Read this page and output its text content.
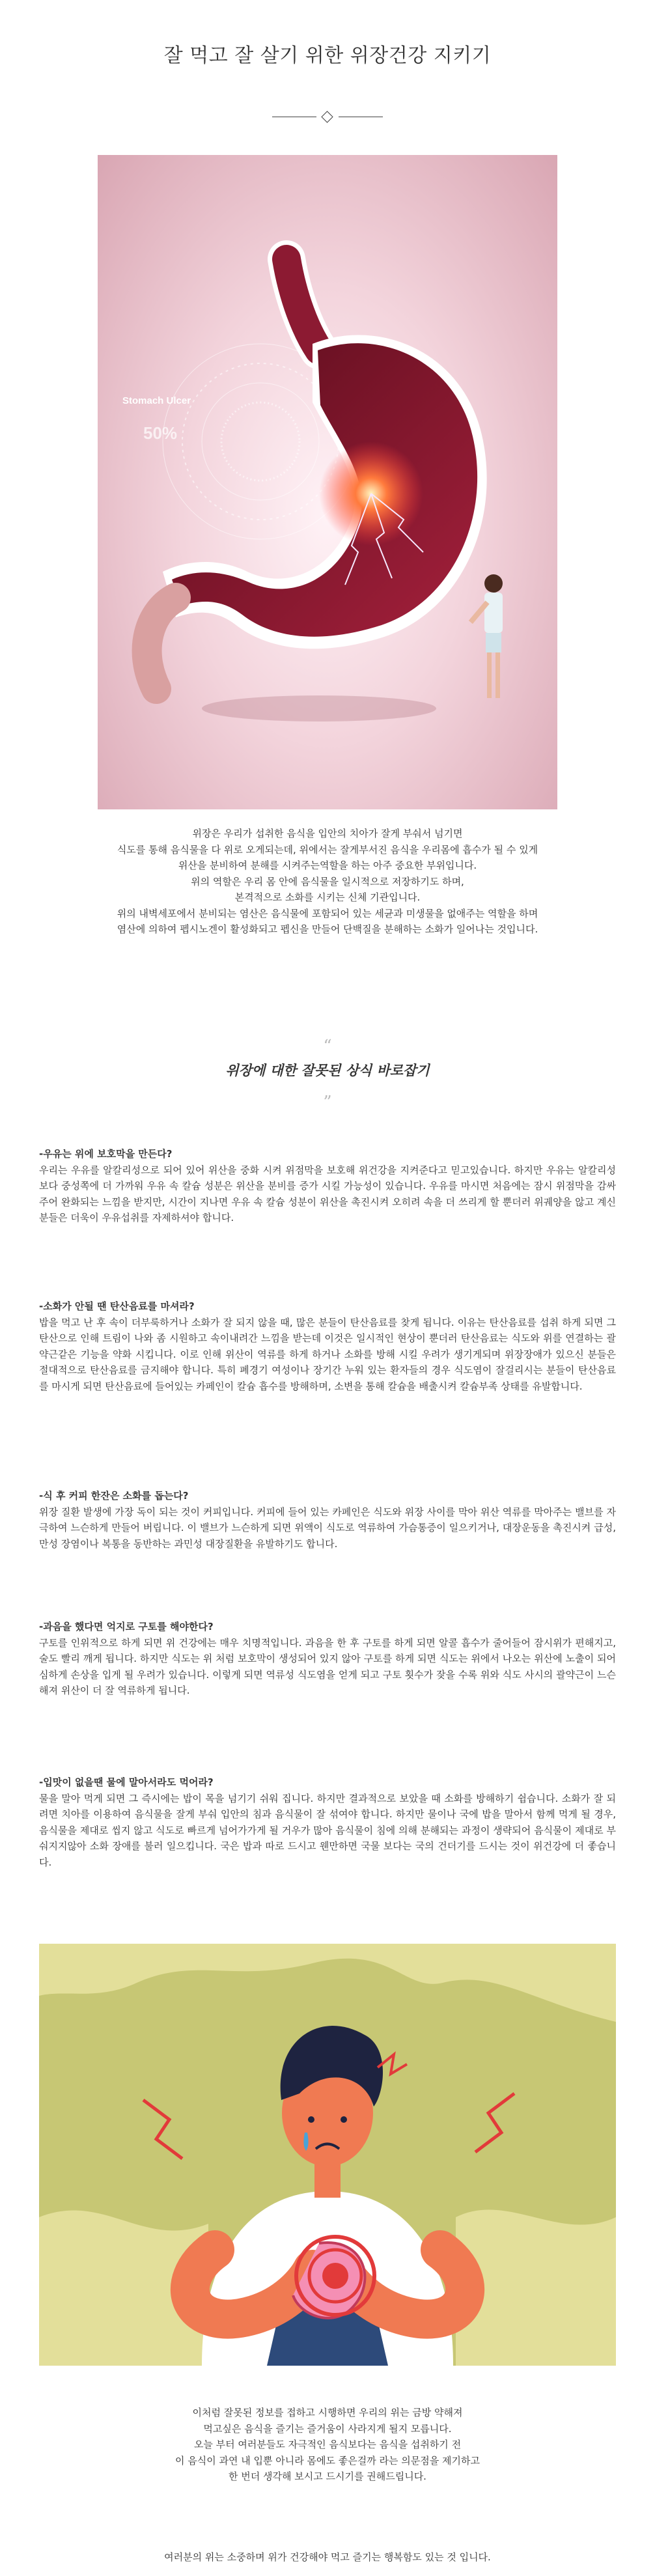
잘 먹고 잘 살기 위한 위장건강 지키기
Stomach Ulcer
50%

위장은 우리가 섭취한 음식을 입안의 치아가 잘게 부숴서 넘기면

식도를 통해 음식물을 다 위로 오게되는데, 위에서는 잘게부서진 음식을 우리몸에 흡수가 될 수 있게

위산을 분비하여 분해를 시켜주는역할을 하는 아주 중요한 부위입니다.

위의 역할은 우리 몸 안에 음식물을 일시적으로 저장하기도 하며,

본격적으로 소화를 시키는 신체 기관입니다.

위의 내벽세포에서 분비되는 염산은 음식물에 포함되어 있는 세균과 미생물을 없애주는 역할을 하며

염산에 의하여 펩시노겐이 활성화되고 펩신을 만들어 단백질을 분해하는 소화가 일어나는 것입니다.

“
위장에 대한 잘못된 상식 바로잡기
”

-우유는 위에 보호막을 만든다?

우리는 우유를 알칼리성으로 되어 있어 위산을 중화 시켜 위점막을 보호해 위건강을 지켜준다고 믿고있습니다. 하지만 우유는 알칼리성 보다 중성쪽에 더 가까워 우유 속 칼슘 성분은 위산을 분비를 증가 시킬 가능성이 있습니다. 우유를 마시면 처음에는 잠시 위점막을 감싸주어 완화되는 느낌을 받지만, 시간이 지나면 우유 속 칼슘 성분이 위산을 촉진시켜 오히려 속을 더 쓰리게 할 뿐더러 위궤양을 않고 계신분들은 더욱이 우유섭취를 자제하셔야 합니다.

-소화가 안될 땐 탄산음료를 마셔라?

밥을 먹고 난 후 속이 더부룩하거나 소화가 잘 되지 않을 때, 많은 분들이 탄산음료를 찾게 됩니다. 이유는 탄산음료를 섭취 하게 되면 그 탄산으로 인해 트림이 나와 좀 시원하고 속이내려간 느낌을 받는데 이것은 일시적인 현상이 뿐더러 탄산음료는 식도와 위를 연결하는 괄약근같은 기능을 약화 시킵니다. 이로 인해 위산이 역류를 하게 하거나 소화를 방해 시킬 우려가 생기게되며 위장장애가 있으신 분들은 절대적으로 탄산음료를 금지해야 합니다. 특히 폐경기 여성이나 장기간 누워 있는 환자들의 경우 식도염이 잘걸리시는 분들이 탄산음료를 마시게 되면 탄산음료에 들어있는 카페인이 칼슘 흡수를 방해하며, 소변을 통해 칼슘을 배출시켜 칼슘부족 상태를 유발합니다.

-식 후 커피 한잔은 소화를 돕는다?

위장 질환 발생에 가장 독이 되는 것이 커피입니다. 커피에 들어 있는 카페인은 식도와 위장 사이를 막아 위산 역류를 막아주는 밸브를 자극하여 느슨하게 만들어 버립니다. 이 밸브가 느슨하게 되면 위액이 식도로 역류하여 가슴통증이 일으키거나, 대장운동을 촉진시켜 급성,만성 장염이나 복통을 동반하는 과민성 대장질환을 유발하기도 합니다.

-과음을 했다면 억지로 구토를 해야한다?

구토를 인위적으로 하게 되면 위 건강에는 매우 치명적입니다. 과음을 한 후 구토를 하게 되면 알콜 흡수가 줄어들어 잠시위가 편해지고, 술도 빨리 깨게 됩니다. 하지만 식도는 위 처럼 보호막이 생성되어 있지 않아 구토를 하게 되면 식도는 위에서 나오는 위산에 노출이 되어 심하게 손상을 입게 될 우려가 있습니다. 이렇게 되면 역류성 식도염을 얻게 되고 구토 횟수가 잦을 수록 위와 식도 사시의 괄약근이 느슨해져 위산이 더 잘 역류하게 됩니다.

-입맛이 없을땐 물에 말아서라도 먹어라?

물을 말아 먹게 되면 그 즉시에는 밥이 목을 넘기기 쉬워 집니다. 하지만 결과적으로 보았을 때 소화를 방해하기 쉽습니다. 소화가 잘 되려면 치아를 이용하여 음식물을 잘게 부숴 입안의 침과 음식물이 잘 섞여야 합니다. 하지만 물이나 국에 밥을 말아서 함께 먹게 될 경우, 음식물을 제대로 씹지 않고 식도로 빠르게 넘어가가게 될 거우가 많아 음식물이 침에 의해 분해되는 과정이 생략되어 음식물이 제대로 부숴지지않아 소화 장애를 불러 일으킵니다. 국은 밥과 따로 드시고 웬만하면 국물 보다는 국의 건더기를 드시는 것이 위건강에 더 좋습니다.

이처럼 잘못된 정보를 접하고 시행하면 우리의 위는 금방 약해져

먹고싶은 음식을 즐기는 즐거움이 사라지게 될지 모릅니다.

오늘 부터 여러분들도 자극적인 음식보다는 음식을 섭취하기 전

이 음식이 과연 내 입뿐 아니라 몸에도 좋은걸까 라는 의문점을 제기하고

한 번더 생각해 보시고 드시기를 권해드립니다.

여러분의 위는 소중하며 위가 건강해야 먹고 즐기는 행복함도 있는 것 입니다.
